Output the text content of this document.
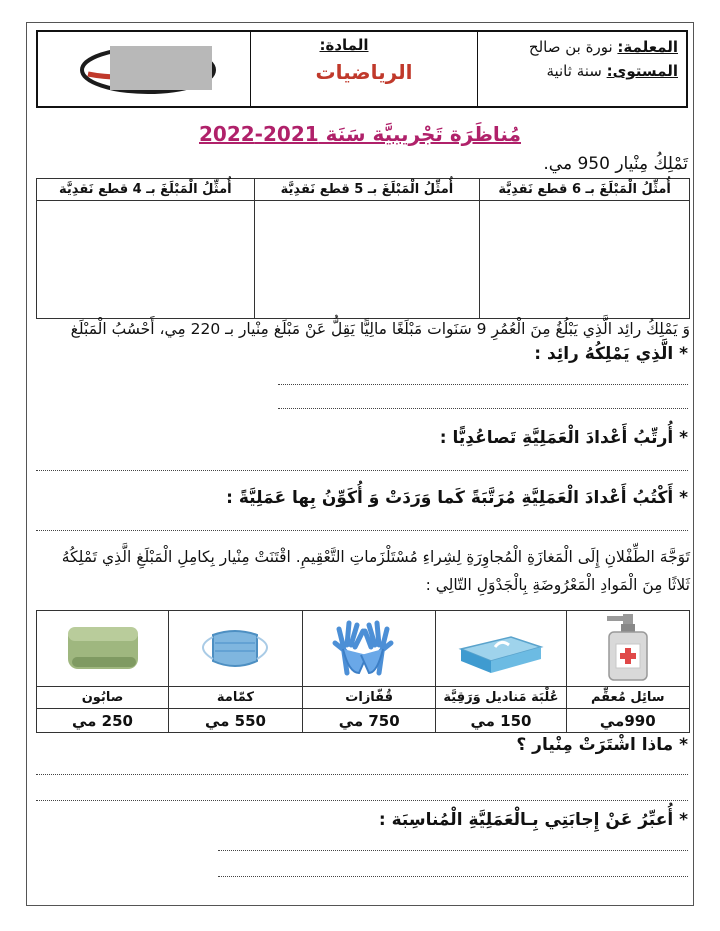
المعلمة: نورة بن صالح
المستوى: سنة ثانية
المادة:
الرياضيات
مُناظَرَة تَجْريبيَّة سَنَة 2021-2022
تَمْلِكُ مِنْيار 950 مي.
أُمثِّلُ الْمَبْلَغَ بـ 4 قطع نَقدِيَّة	أُمثِّلُ الْمَبْلَغَ بـ 5 قطع نَقدِيَّة	أُمثِّلُ الْمَبْلَغَ بـ 6 قطع نَقدِيَّة

وَ يَمْلِكُ رائِد الَّذِي يَبْلُغُ مِنَ الْعُمُرِ 9 سَنَوات مَبْلَغًا مالِيًّا يَقِلُّ عَنْ مَبْلَغ مِنْيار بـ 220 مِي، أَحْسُبُ الْمَبْلَغ
* الَّذِي يَمْلِكُهُ رائِد :
* أُرتِّبُ أَعْدادَ الْعَمَلِيَّةِ تَصاعُدِيًّا :
* أَكْتُبُ أَعْدادَ الْعَمَلِيَّةِ مُرَتَّبَةً كَما وَرَدَتْ وَ أُكَوِّنُ بِها عَمَلِيَّةً :
تَوَجَّهَ الطِّفْلانِ إِلَى الْمَغازَةِ الْمُجاوِرَةِ لِشِراءِ مُسْتَلْزَماتِ التَّعْقِيمِ. اقْتَنَتْ مِنْيار بِكامِلِ الْمَبْلَغِ الَّذِي تَمْلِكُهُ
ثَلاثًا مِنَ الْمَوادِ الْمَعْرُوضَةِ بِالْجَدْوَلِ التّالِي :

صابُون	كمّامة	قُفّازات	عُلْبَة مَناديل وَرَقِيَّة	سائِل مُعقِّم
250 مي	550 مي	750 مي	150 مي	990مي
* ماذا اشْتَرَتْ مِنْيار ؟
* أُعبِّرُ عَنْ إِجابَتِي بِـالْعَمَلِيَّةِ الْمُناسِبَة :
